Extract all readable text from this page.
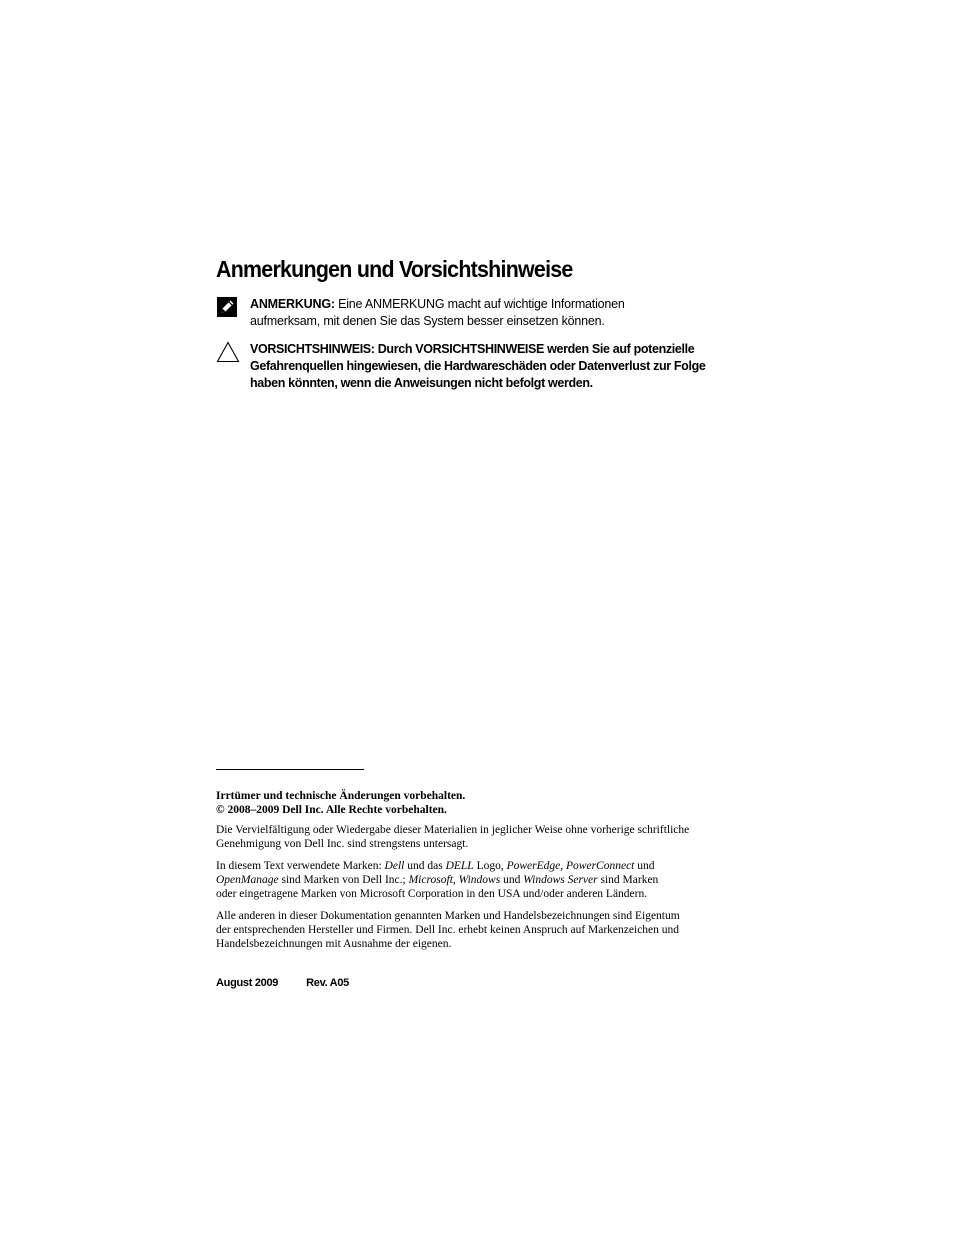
Anmerkungen und Vorsichtshinweise
ANMERKUNG: Eine ANMERKUNG macht auf wichtige Informationen
aufmerksam, mit denen Sie das System besser einsetzen können.
VORSICHTSHINWEIS: Durch VORSICHTSHINWEISE werden Sie auf potenzielle
Gefahrenquellen hingewiesen, die Hardwareschäden oder Datenverlust zur Folge
haben könnten, wenn die Anweisungen nicht befolgt werden.

Irrtümer und technische Änderungen vorbehalten.
© 2008–2009 Dell Inc. Alle Rechte vorbehalten.

Die Vervielfältigung oder Wiedergabe dieser Materialien in jeglicher Weise ohne vorherige schriftliche
Genehmigung von Dell Inc. sind strengstens untersagt.

In diesem Text verwendete Marken: Dell und das DELL Logo, PowerEdge, PowerConnect und
OpenManage sind Marken von Dell Inc.; Microsoft, Windows und Windows Server sind Marken
oder eingetragene Marken von Microsoft Corporation in den USA und/oder anderen Ländern.

Alle anderen in dieser Dokumentation genannten Marken und Handelsbezeichnungen sind Eigentum
der entsprechenden Hersteller und Firmen. Dell Inc. erhebt keinen Anspruch auf Markenzeichen und
Handelsbezeichnungen mit Ausnahme der eigenen.

August 2009	Rev. A05
